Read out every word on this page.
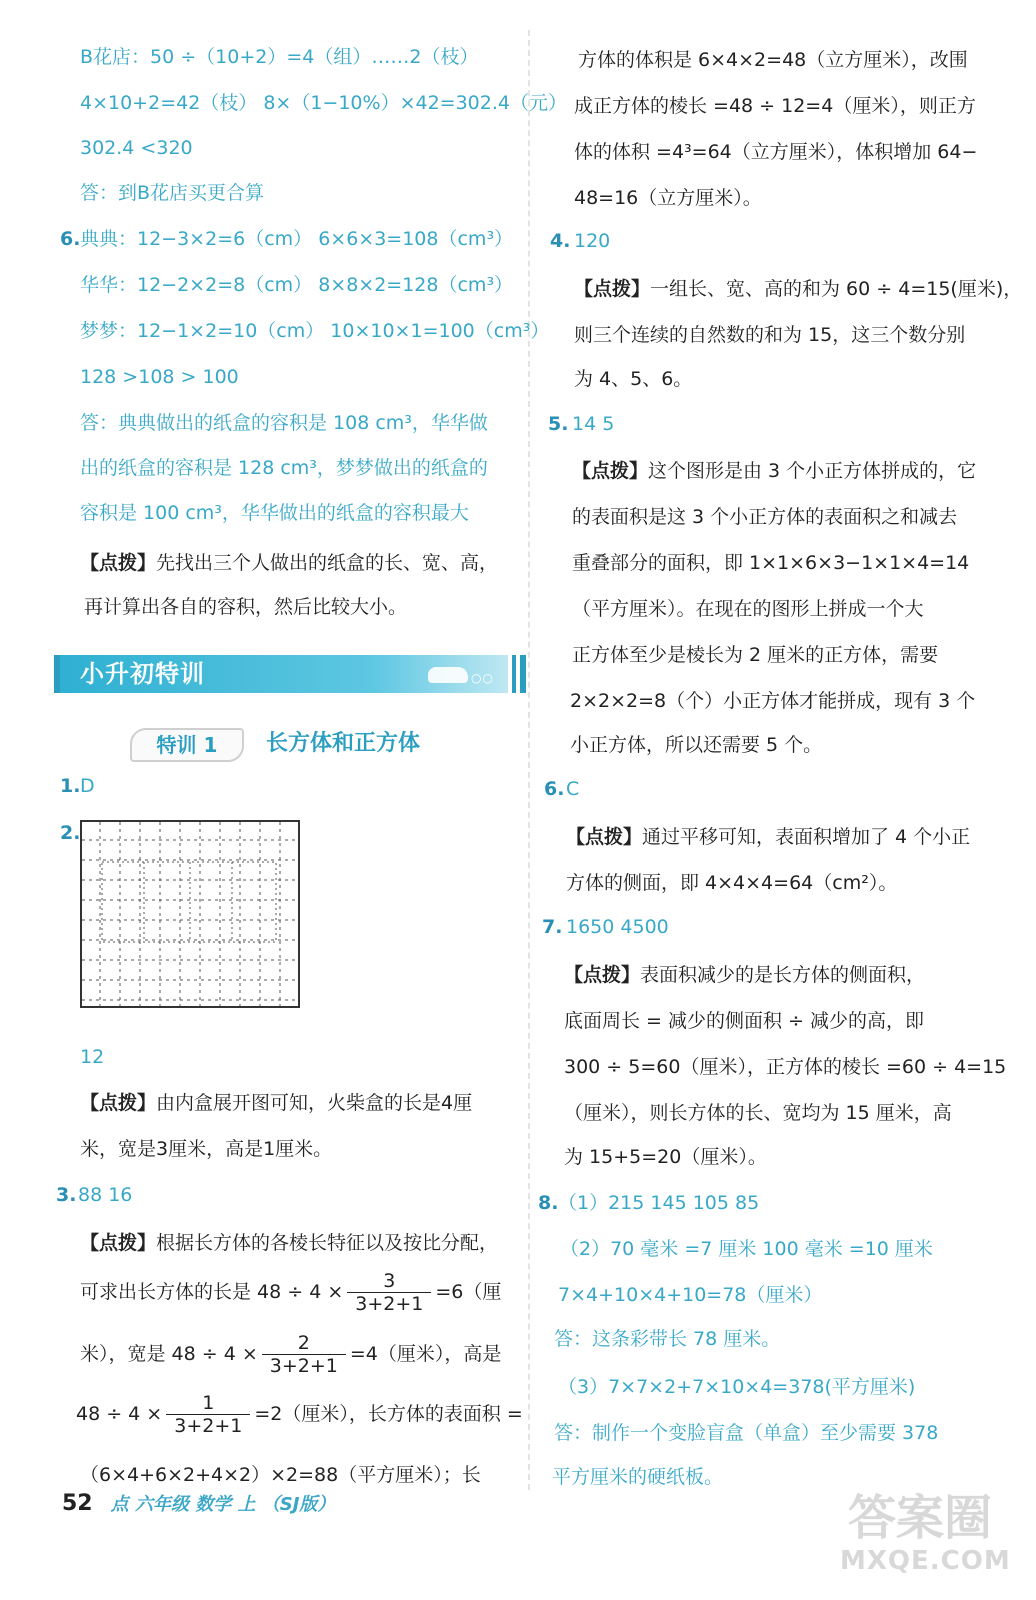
B花店：50 ÷（10+2）=4（组）……2（枝）
4×10+2=42（枝） 8×（1−10%）×42=302.4（元）
302.4 <320
答：到B花店买更合算
典典：12−3×2=6（cm） 6×6×3=108（cm³）
华华：12−2×2=8（cm） 8×8×2=128（cm³）
梦梦：12−1×2=10（cm） 10×10×1=100（cm³）
128 >108 > 100
答：典典做出的纸盒的容积是 108 cm³，华华做
出的纸盒的容积是 128 cm³，梦梦做出的纸盒的
容积是 100 cm³，华华做出的纸盒的容积最大
【点拨】先找出三个人做出的纸盒的长、宽、高，
再计算出各自的容积，然后比较大小。
12
【点拨】由内盒展开图可知，火柴盒的长是4厘
米，宽是3厘米，高是1厘米。
【点拨】根据长方体的各棱长特征以及按比分配，
（6×4+6×2+4×2）×2=88（平方厘米）；长
6.
1.
2.
3. 88 16
D
可求出长方体的长是 $48 \div 4 \times \frac{3}{3+2+1} =6$（厘
米），宽是 $48 \div 4 \times \frac{2}{3+2+1} =4$（厘米），高是
$48 \div 4 \times \frac{1}{3+2+1} =2$（厘米），长方体的表面积 =
方体的体积是 6×4×2=48（立方厘米），改围
成正方体的棱长 =48 ÷ 12=4（厘米），则正方
体的体积 =4³=64（立方厘米），体积增加 64−
48=16（立方厘米）。
120
【点拨】一组长、宽、高的和为 60 ÷ 4=15(厘米)，
则三个连续的自然数的和为 15，这三个数分别
为 4、5、6。
14 5
【点拨】这个图形是由 3 个小正方体拼成的，它
的表面积是这 3 个小正方体的表面积之和减去
重叠部分的面积，即 1×1×6×3−1×1×4=14
（平方厘米）。在现在的图形上拼成一个大
正方体至少是棱长为 2 厘米的正方体，需要
2×2×2=8（个）小正方体才能拼成，现有 3 个
小正方体，所以还需要 5 个。
C
【点拨】通过平移可知，表面积增加了 4 个小正
方体的侧面，即 4×4×4=64（cm²）。
1650 4500
【点拨】表面积减少的是长方体的侧面积，
底面周长 = 减少的侧面积 ÷ 减少的高，即
300 ÷ 5=60（厘米），正方体的棱长 =60 ÷ 4=15
（厘米），则长方体的长、宽均为 15 厘米，高
为 15+5=20（厘米）。
（1）215 145 105 85
（2）70 毫米 =7 厘米 100 毫米 =10 厘米
7×4+10×4+10=78（厘米）
答：这条彩带长 78 厘米。
（3）7×7×2+7×10×4=378(平方厘米)
答：制作一个变脸盲盒（单盒）至少需要 378
平方厘米的硬纸板。
4.
5.
6.
7.
8.
小升初特训	○○
特训 1	长方体和正方体
52 点 六年级 数学 上 （SJ版）	答案圈
MXQE.COM
